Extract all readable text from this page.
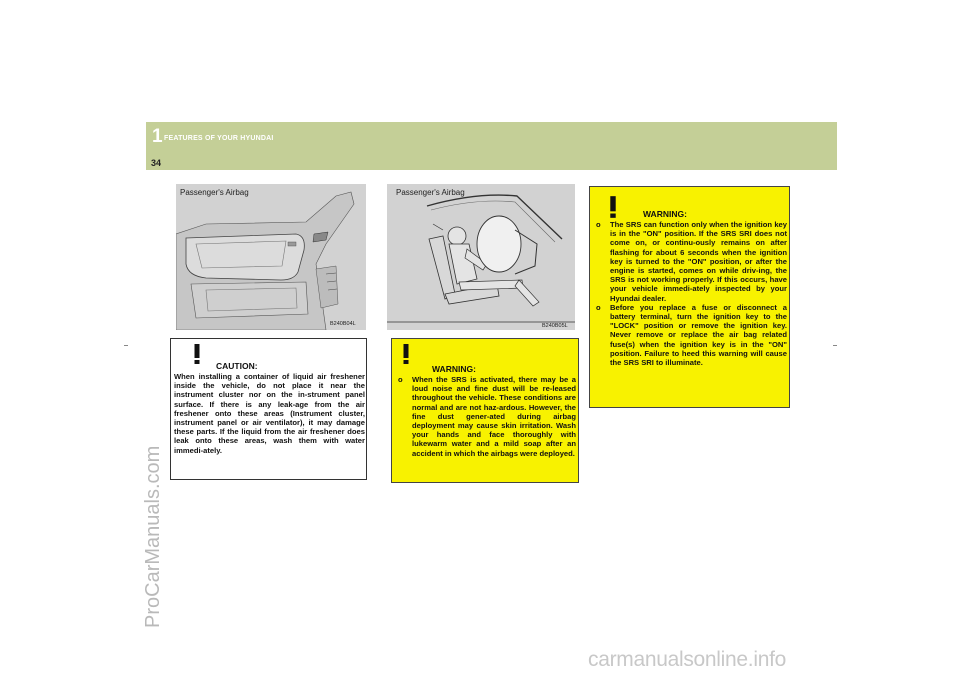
1 FEATURES OF YOUR HYUNDAI
34
ProCarManuals.com
carmanualsonline.info
Passenger's Airbag
B240B04L
Passenger's Airbag
B240B05L
CAUTION:
When installing a container of liquid air freshener inside the vehicle, do not place it near the instrument cluster nor on the in-strument panel surface. If there is any leak-age from the air freshener onto these areas (Instrument cluster, instrument panel or air ventilator), it may damage these parts. If the liquid from the air freshener does leak onto these areas, wash them with water immedi-ately.
WARNING:
o When the SRS is activated, there may be a loud noise and fine dust will be re-leased throughout the vehicle. These conditions are normal and are not haz-ardous. However, the fine dust gener-ated during airbag deployment may cause skin irritation. Wash your hands and face thoroughly with lukewarm water and a mild soap after an accident in which the airbags were deployed.
WARNING:
o The SRS can function only when the ignition key is in the "ON" position. If the SRS SRI does not come on, or continu-ously remains on after flashing for about 6 seconds when the ignition key is turned to the "ON" position, or after the engine is started, comes on while driv-ing, the SRS is not working properly. If this occurs, have your vehicle immedi-ately inspected by your Hyundai dealer.
o Before you replace a fuse or disconnect a battery terminal, turn the ignition key to the "LOCK" position or remove the ignition key. Never remove or replace the air bag related fuse(s) when the ignition key is in the "ON" position. Failure to heed this warning will cause the SRS SRI to illuminate.
